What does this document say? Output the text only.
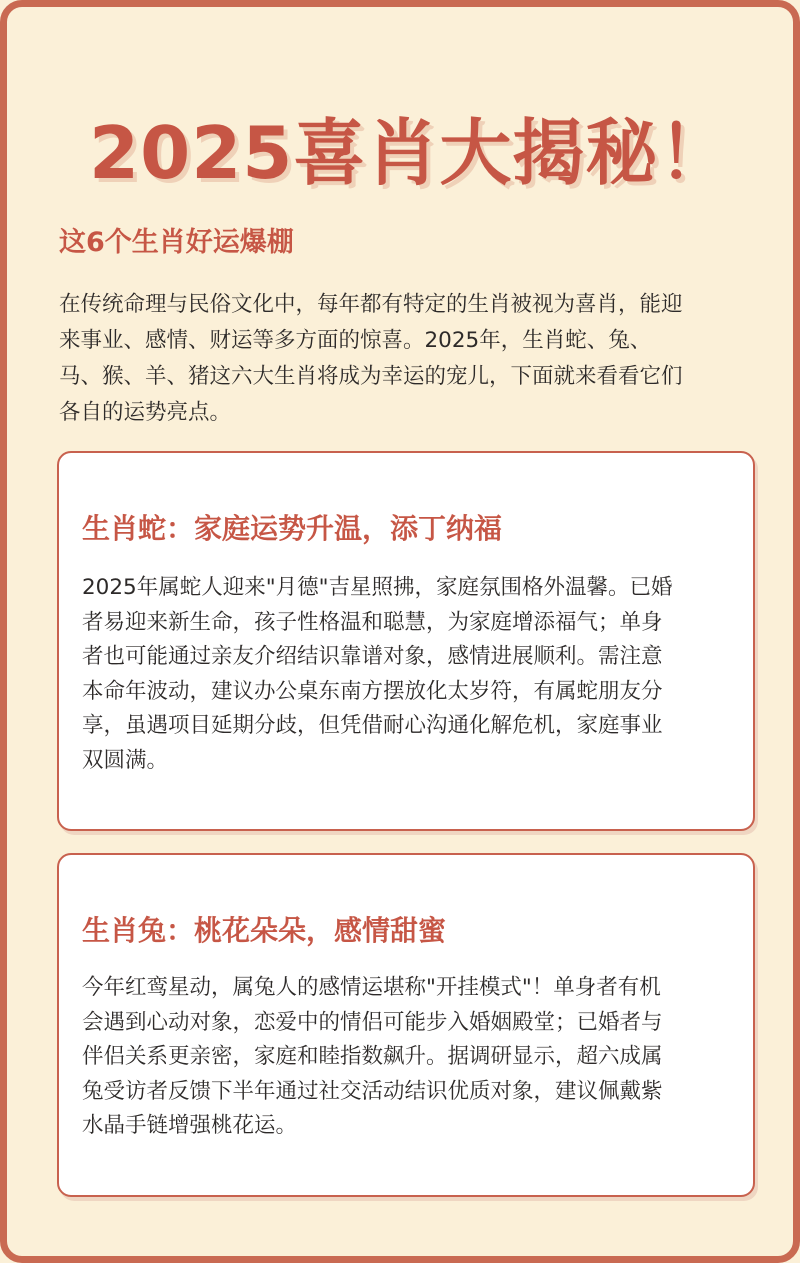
2025喜肖大揭秘！
这6个生肖好运爆棚

在传统命理与民俗文化中，每年都有特定的生肖被视为喜肖，能迎
来事业、感情、财运等多方面的惊喜。2025年，生肖蛇、兔、
马、猴、羊、猪这六大生肖将成为幸运的宠儿，下面就来看看它们
各自的运势亮点。

生肖蛇：家庭运势升温，添丁纳福

2025年属蛇人迎来"月德"吉星照拂，家庭氛围格外温馨。已婚
者易迎来新生命，孩子性格温和聪慧，为家庭增添福气；单身
者也可能通过亲友介绍结识靠谱对象，感情进展顺利。需注意
本命年波动，建议办公桌东南方摆放化太岁符，有属蛇朋友分
享，虽遇项目延期分歧，但凭借耐心沟通化解危机，家庭事业
双圆满。

生肖兔：桃花朵朵，感情甜蜜

今年红鸾星动，属兔人的感情运堪称"开挂模式"！单身者有机
会遇到心动对象，恋爱中的情侣可能步入婚姻殿堂；已婚者与
伴侣关系更亲密，家庭和睦指数飙升。据调研显示，超六成属
兔受访者反馈下半年通过社交活动结识优质对象，建议佩戴紫
水晶手链增强桃花运。
